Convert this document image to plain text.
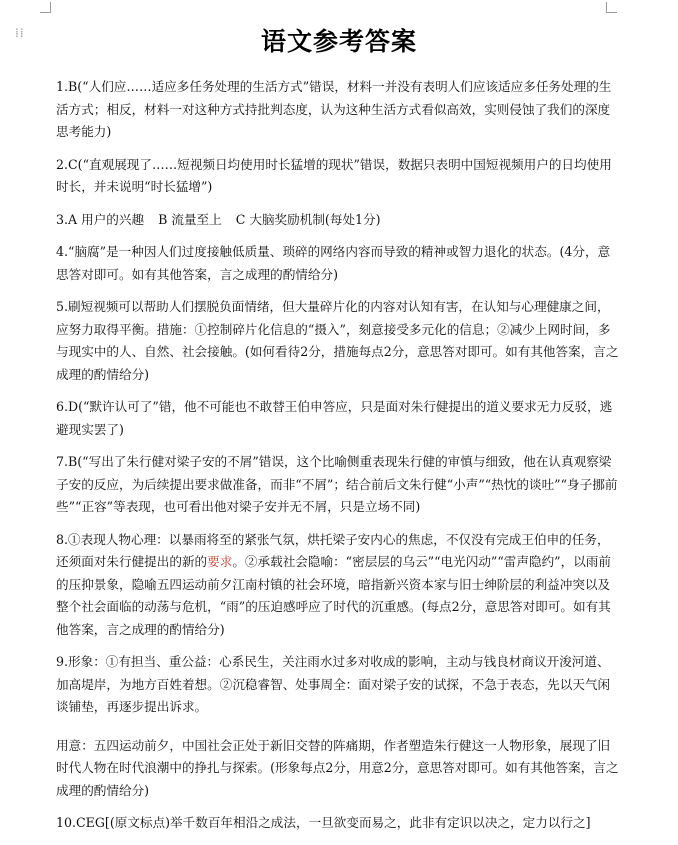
⁞⁞	语文参考答案

1.B(“人们应……适应多任务处理的生活方式”错误，材料一并没有表明人们应该适应多任务处理的生活方式；相反，材料一对这种方式持批判态度，认为这种生活方式看似高效，实则侵蚀了我们的深度思考能力)

2.C(“直观展现了……短视频日均使用时长猛增的现状”错误，数据只表明中国短视频用户的日均使用时长，并未说明“时长猛增”)

3.A 用户的兴趣 B 流量至上 C 大脑奖励机制(每处1分)

4.“脑腐”是一种因人们过度接触低质量、琐碎的网络内容而导致的精神或智力退化的状态。(4分，意思答对即可。如有其他答案，言之成理的酌情给分)

5.刷短视频可以帮助人们摆脱负面情绪，但大量碎片化的内容对认知有害，在认知与心理健康之间，应努力取得平衡。措施：①控制碎片化信息的“摄入”，刻意接受多元化的信息；②减少上网时间，多与现实中的人、自然、社会接触。(如何看待2分，措施每点2分，意思答对即可。如有其他答案，言之成理的酌情给分)

6.D(“默许认可了”错，他不可能也不敢替王伯申答应，只是面对朱行健提出的道义要求无力反驳，逃避现实罢了)

7.B(“写出了朱行健对梁子安的不屑”错误，这个比喻侧重表现朱行健的审慎与细致，他在认真观察梁子安的反应，为后续提出要求做准备，而非“不屑”；结合前后文朱行健“小声”“热忱的谈吐”“身子挪前些”“正容”等表现，也可看出他对梁子安并无不屑，只是立场不同)

8.①表现人物心理：以暴雨将至的紧张气氛，烘托梁子安内心的焦虑，不仅没有完成王伯申的任务，还须面对朱行健提出的新的要求。②承载社会隐喻：“密层层的乌云”“电光闪动”“雷声隐约”，以雨前的压抑景象，隐喻五四运动前夕江南村镇的社会环境，暗指新兴资本家与旧士绅阶层的利益冲突以及整个社会面临的动荡与危机，“雨”的压迫感呼应了时代的沉重感。(每点2分，意思答对即可。如有其他答案，言之成理的酌情给分)

9.形象：①有担当、重公益：心系民生，关注雨水过多对收成的影响，主动与钱良材商议开浚河道、加高堤岸，为地方百姓着想。②沉稳睿智、处事周全：面对梁子安的试探，不急于表态，先以天气闲谈铺垫，再逐步提出诉求。

用意：五四运动前夕，中国社会正处于新旧交替的阵痛期，作者塑造朱行健这一人物形象，展现了旧时代人物在时代浪潮中的挣扎与探索。(形象每点2分，用意2分，意思答对即可。如有其他答案，言之成理的酌情给分)

10.CEG[(原文标点)举千数百年相沿之成法，一旦欲变而易之，此非有定识以决之，定力以行之]
